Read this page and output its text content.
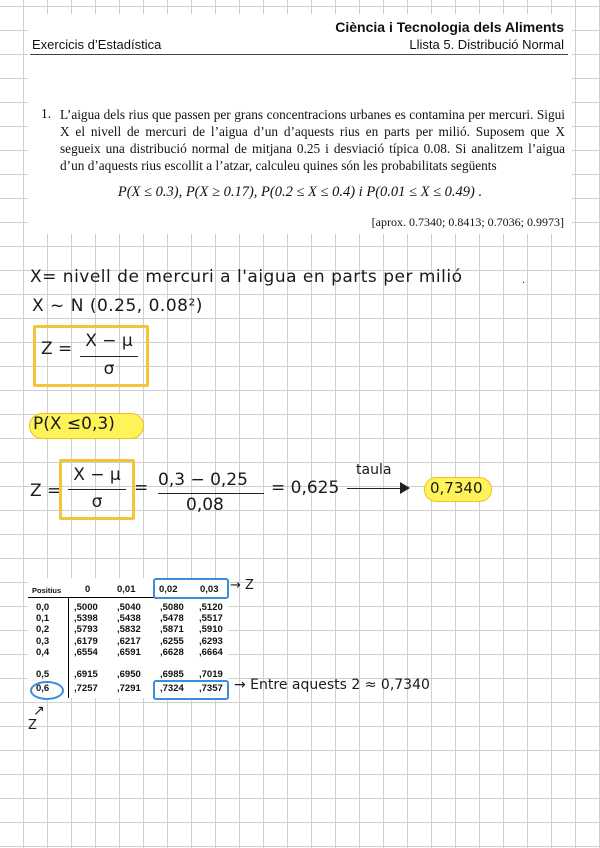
Ciència i Tecnologia dels Aliments
Exercicis d’Estadística	Llista 5. Distribució Normal
1. L’aigua dels rius que passen per grans concentracions urbanes es contamina per mercuri. Sigui X el nivell de mercuri de l’aigua d’un d’aquests rius en parts per milió. Suposem que X segueix una distribució normal de mitjana 0.25 i desviació típica 0.08. Si analitzem l’aigua d’un d’aquests rius escollit a l’atzar, calculeu quines són les probabilitats següents
P(X ≤ 0.3), P(X ≥ 0.17), P(0.2 ≤ X ≤ 0.4) i P(0.01 ≤ X ≤ 0.49) .
[aprox. 0.7340; 0.8413; 0.7036; 0.9973]
X= nivell de mercuri a l'aigua en parts per milió	·
X ~ N (0.25, 0.08²)
Z = X − μ
σ
P(X ≤0,3)
Z =
X − μ
σ
= 0,3 − 0,25
0,08
= 0,625
taula
0,7340
Positius	0	0,01 0,02 0,03
0,0	,5000 ,5040 ,5080 ,5120
0,1	,5398 ,5438 ,5478 ,5517
0,2	,5793 ,5832 ,5871 ,5910
0,3	,6179 ,6217 ,6255 ,6293
0,4	,6554 ,6591 ,6628 ,6664
0,5	,6915 ,6950 ,6985 ,7019
0,6	,7257 ,7291 ,7324 ,7357
→ Z
→ Entre aquests 2 ≈ 0,7340
↗
Z
